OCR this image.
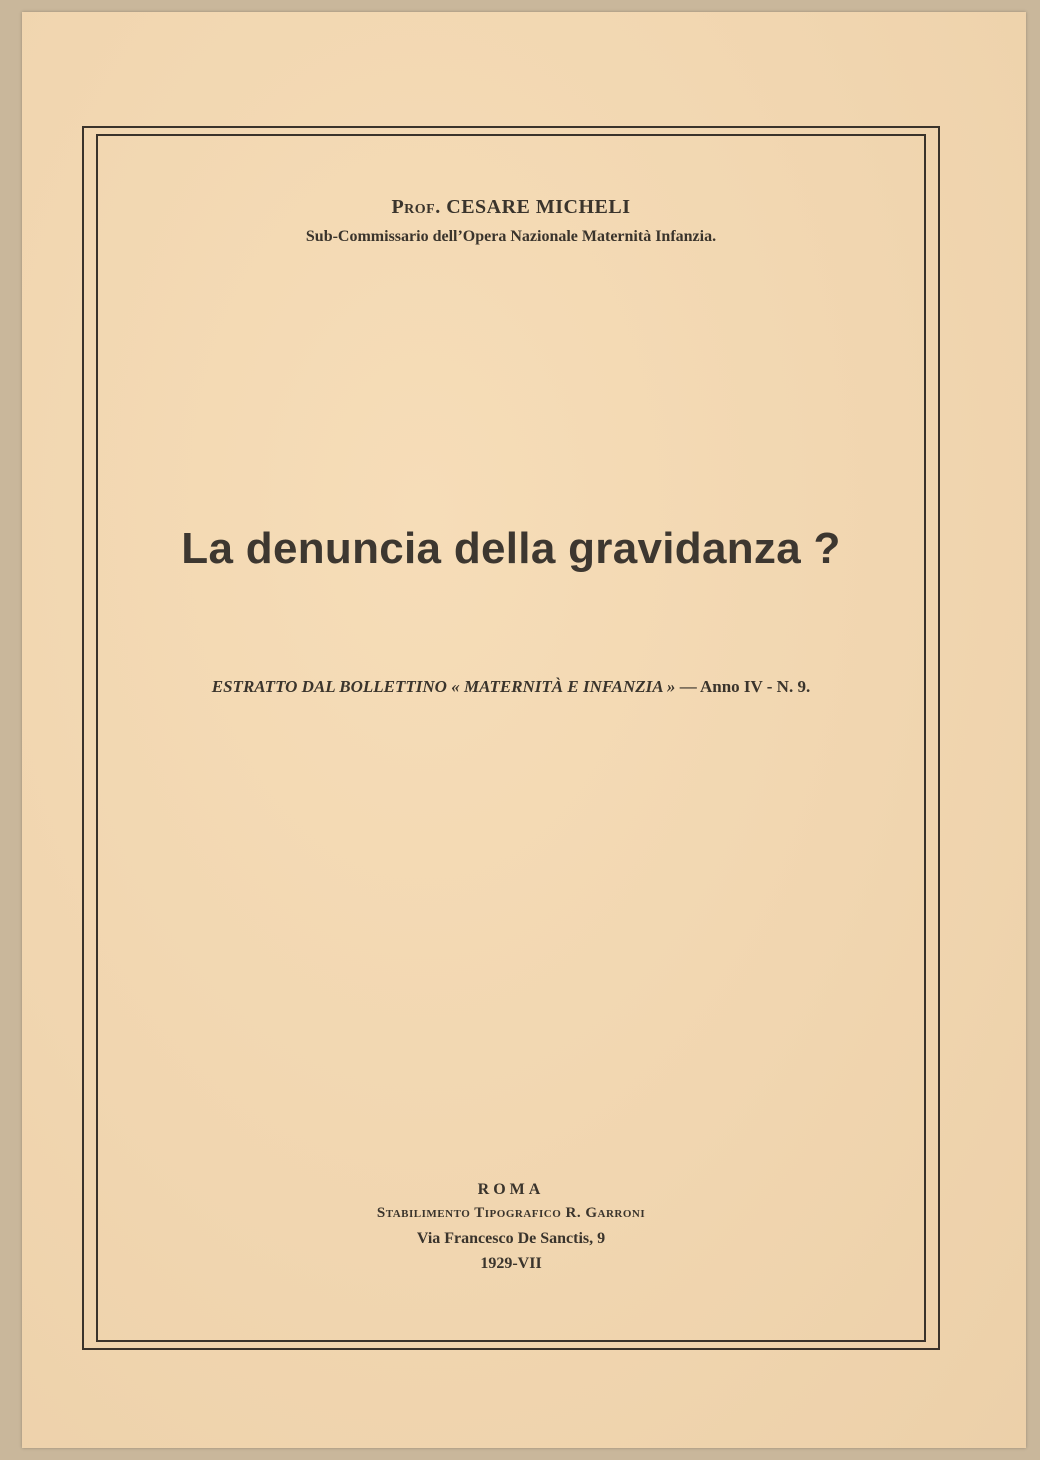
Prof. CESARE MICHELI
Sub-Commissario dell’Opera Nazionale Maternità Infanzia.
La denuncia della gravidanza ?
ESTRATTO DAL BOLLETTINO « MATERNITÀ E INFANZIA » — Anno IV - N. 9.
ROMA
Stabilimento Tipografico R. Garroni
Via Francesco De Sanctis, 9
1929-VII
